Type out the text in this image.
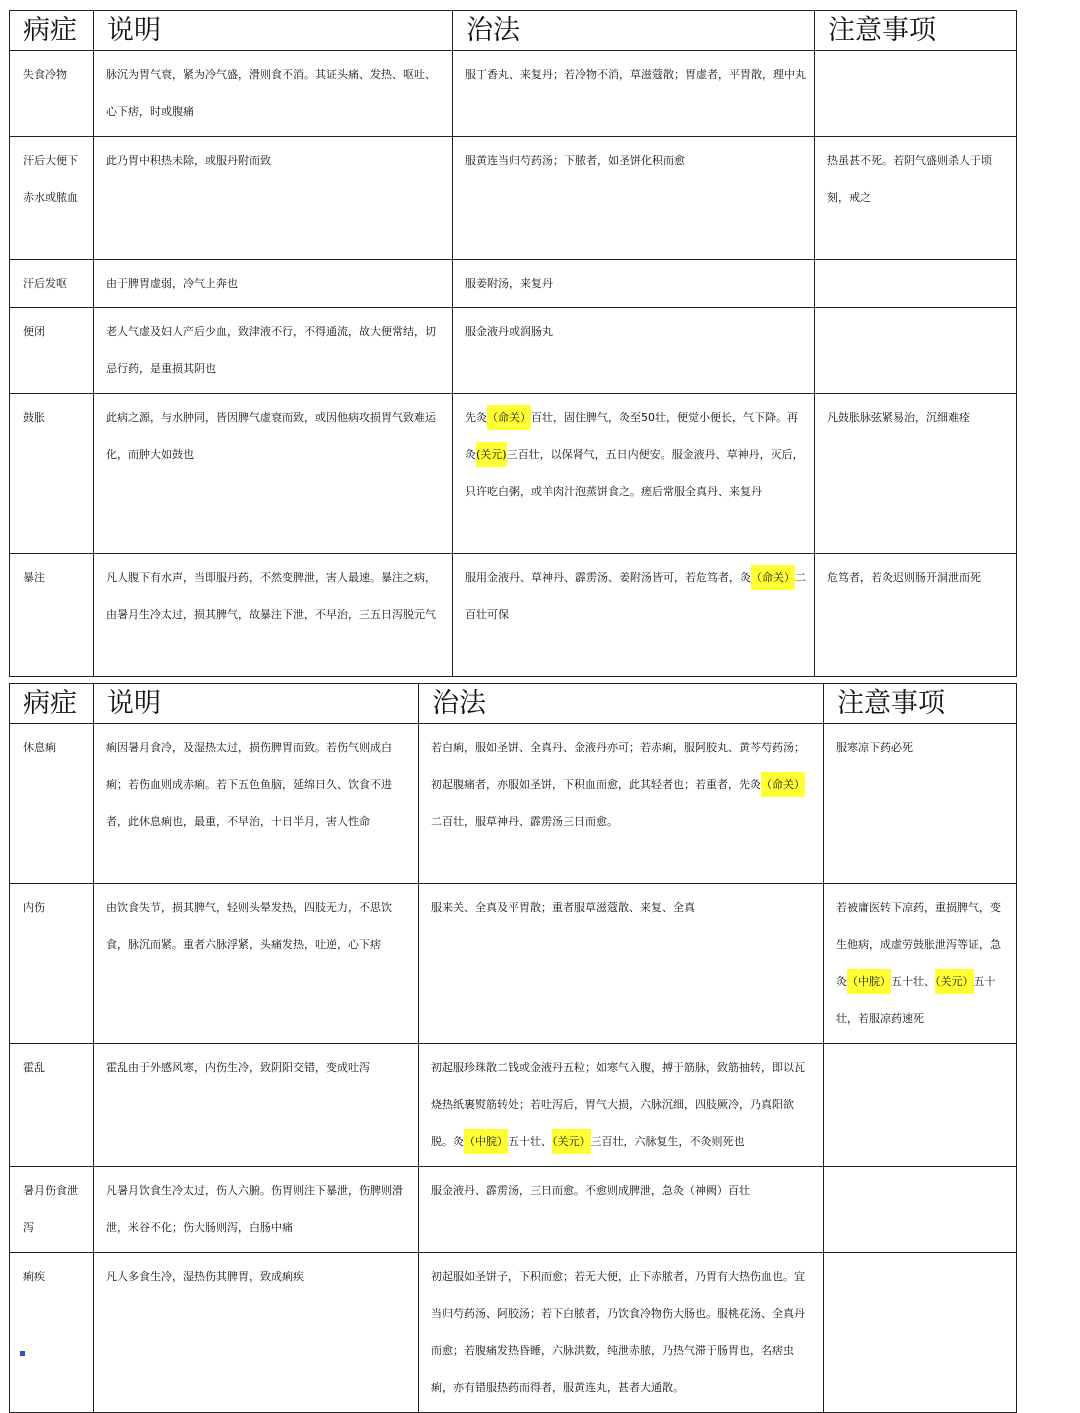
病症	说明	治法	注意事项
失食冷物	脉沉为胃气衰，紧为冷气盛，滑则食不消。其证头痛、发热、呕吐、心下痞，时或腹痛	服丁香丸、来复丹；若冷物不消，草滋蔻散；胃虚者，平胃散，理中丸	
汗后大便下赤水或脓血	此乃胃中积热未除，或服丹附而致	服黄连当归芍药汤；下脓者，如圣饼化积而愈	热虽甚不死。若阴气盛则杀人于顷刻，戒之
汗后发呕	由于脾胃虚弱，冷气上奔也	服姜附汤，来复丹	
便闭	老人气虚及妇人产后少血，致津液不行，不得通流，故大便常结，切忌行药，是重损其阴也	服金液丹或润肠丸	
鼓胀	此病之源，与水肿同，皆因脾气虚衰而致，或因他病攻损胃气致难运化，而肿大如鼓也	先灸（命关）百壮，固住脾气，灸至50壮，便觉小便长，气下降。再灸(关元)三百壮，以保肾气，五日内便安。服金液丹、草神丹，灭后，只许吃白粥，或羊肉汁泡蒸饼食之。瘥后常服全真丹、来复丹	凡鼓胀脉弦紧易治，沉细难痊
暴注	凡人腹下有水声，当即服丹药，不然变脾泄，害人最速。暴注之病，由暑月生冷太过，损其脾气，故暴注下泄，不早治，三五日泻脱元气	服用金液丹、草神丹、霹雳汤、姜附汤皆可，若危笃者，灸（命关）二百壮可保	危笃者，若灸迟则肠开洞泄而死
病症	说明	治法	注意事项
休息痢	痢因暑月食冷，及湿热太过，损伤脾胃而致。若伤气则成白痢；若伤血则成赤痢。若下五色鱼脑，延绵日久、饮食不进者，此休息痢也，最重，不早治，十日半月，害人性命	若白痢，服如圣饼、全真丹、金液丹亦可；若赤痢，服阿胶丸、黄芩芍药汤；初起腹痛者，亦服如圣饼，下积血而愈，此其轻者也；若重者，先灸（命关）二百壮，服草神丹、霹雳汤三日而愈。	服寒凉下药必死
内伤	由饮食失节，损其脾气，轻则头晕发热，四肢无力，不思饮食，脉沉而紧。重者六脉浮紧，头痛发热，吐逆，心下痞	服来关、全真及平胃散；重者服草滋蔻散、来复、全真	若被庸医转下凉药，重损脾气，变生他病，成虚劳鼓胀泄泻等证，急灸（中脘）五十壮、（关元）五十壮，若服凉药速死
霍乱	霍乱由于外感风寒，内伤生冷，致阴阳交错，变成吐泻	初起服珍珠散二钱或金液丹五粒；如寒气入腹，搏于筋脉，致筋抽转，即以瓦烧热纸裹熨筋转处；若吐泻后，胃气大损，六脉沉细，四肢厥冷，乃真阳欲脱。灸（中脘）五十壮、（关元）三百壮，六脉复生，不灸则死也	
暑月伤食泄泻	凡暑月饮食生冷太过，伤人六腑。伤胃则注下暴泄，伤脾则滑泄，米谷不化；伤大肠则泻，白肠中痛	服金液丹、霹雳汤，三日而愈。不愈则成脾泄，急灸（神阙）百壮	
痢疾	凡人多食生冷，湿热伤其脾胃，致成痢疾	初起服如圣饼子，下积而愈；若无大便，止下赤脓者，乃胃有大热伤血也。宜当归芍药汤、阿胶汤；若下白脓者，乃饮食冷物伤大肠也。服桃花汤、全真丹而愈；若腹痛发热昏睡，六脉洪数，纯泄赤脓，乃热气滞于肠胃也，名痞虫痢，亦有错服热药而得者，服黄连丸，甚者大通散。	
